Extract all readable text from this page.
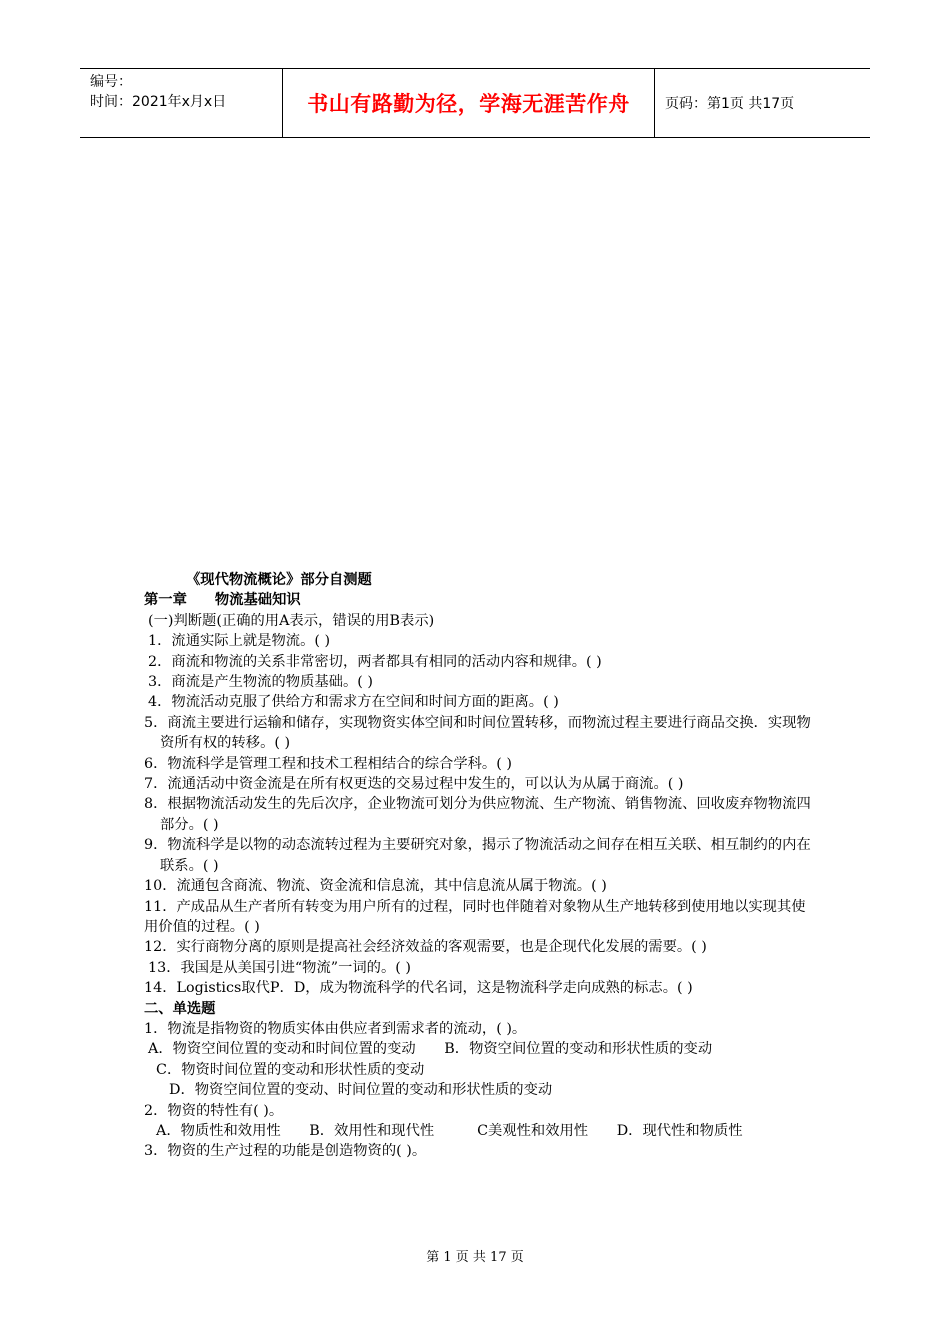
编号：
时间：2021年x月x日	书山有路勤为径，学海无涯苦作舟	页码：第1页 共17页

《现代物流概论》部分自测题

第一章 物流基础知识

(一)判断题(正确的用A表示，错误的用B表示)

1．流通实际上就是物流。( )

2．商流和物流的关系非常密切，两者都具有相同的活动内容和规律。( )

3．商流是产生物流的物质基础。( )

4．物流活动克服了供给方和需求方在空间和时间方面的距离。( )

5．商流主要进行运输和储存，实现物资实体空间和时间位置转移，而物流过程主要进行商品交换．实现物资所有权的转移。( )

6．物流科学是管理工程和技术工程相结合的综合学科。( )

7．流通活动中资金流是在所有权更迭的交易过程中发生的，可以认为从属于商流。( )

8．根据物流活动发生的先后次序，企业物流可划分为供应物流、生产物流、销售物流、回收废弃物物流四部分。( )

9．物流科学是以物的动态流转过程为主要研究对象，揭示了物流活动之间存在相互关联、相互制约的内在联系。( )

10．流通包含商流、物流、资金流和信息流，其中信息流从属于物流。( )

11．产成品从生产者所有转变为用户所有的过程，同时也伴随着对象物从生产地转移到使用地以实现其使用价值的过程。( )

12．实行商物分离的原则是提高社会经济效益的客观需要，也是企现代化发展的需要。( )

13．我国是从美国引进“物流”一词的。( )

14．Logistics取代P．D，成为物流科学的代名词，这是物流科学走向成熟的标志。( )

二、单选题

1．物流是指物资的物质实体由供应者到需求者的流动，( )。

A．物资空间位置的变动和时间位置的变动　　 B．物资空间位置的变动和形状性质的变动

C．物资时间位置的变动和形状性质的变动

D．物资空间位置的变动、时间位置的变动和形状性质的变动

2．物资的特性有( )。

A．物质性和效用性　　 B．效用性和现代性　　　	C美观性和效用性　　 D．现代性和物质性

3．物资的生产过程的功能是创造物资的( )。

第 1 页 共 17 页
